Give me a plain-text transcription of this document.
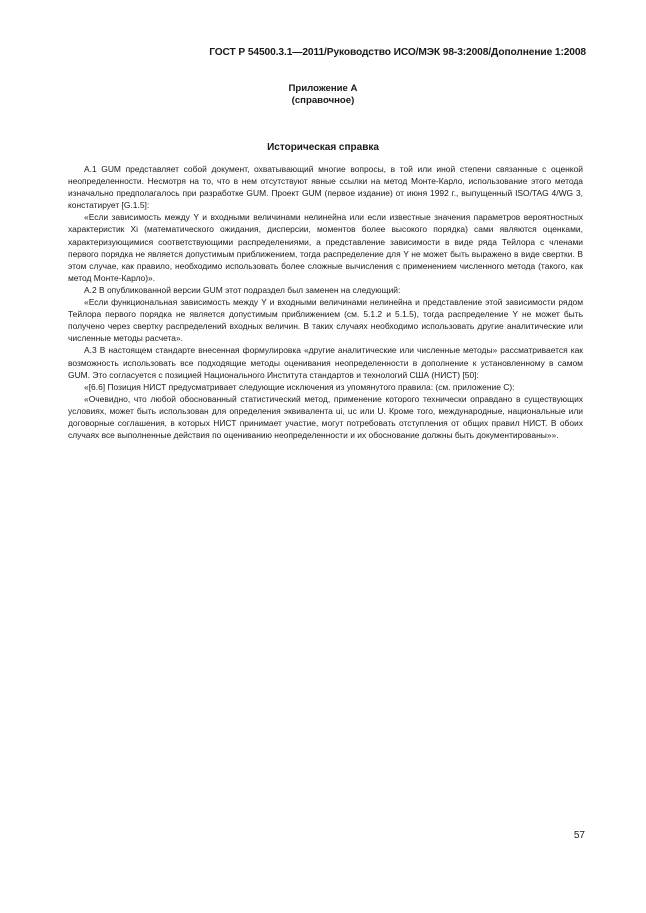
ГОСТ Р 54500.3.1—2011/Руководство ИСО/МЭК 98-3:2008/Дополнение 1:2008
Приложение А
(справочное)
Историческая справка

А.1 GUM представляет собой документ, охватывающий многие вопросы, в той или иной степени связанные с оценкой неопределенности. Несмотря на то, что в нем отсутствуют явные ссылки на метод Монте-Карло, использование этого метода изначально предполагалось при разработке GUM. Проект GUM (первое издание) от июня 1992 г., выпущенный ISO/TAG 4/WG 3, констатирует [G.1.5]:

«Если зависимость между Y и входными величинами нелинейна или если известные значения параметров вероятностных характеристик Xi (математического ожидания, дисперсии, моментов более высокого порядка) сами являются оценками, характеризующимися соответствующими распределениями, а представление зависимости в виде ряда Тейлора с членами первого порядка не является допустимым приближением, тогда распределение для Y не может быть выражено в виде свертки. В этом случае, как правило, необходимо использовать более сложные вычисления с применением численного метода (такого, как метод Монте-Карло)».

А.2 В опубликованной версии GUM этот подраздел был заменен на следующий:

«Если функциональная зависимость между Y и входными величинами нелинейна и представление этой зависимости рядом Тейлора первого порядка не является допустимым приближением (см. 5.1.2 и 5.1.5), тогда распределение Y не может быть получено через свертку распределений входных величин. В таких случаях необходимо использовать другие аналитические или численные методы расчета».

А.3 В настоящем стандарте внесенная формулировка «другие аналитические или численные методы» рассматривается как возможность использовать все подходящие методы оценивания неопределенности в дополнение к установленному в самом GUM. Это согласуется с позицией Национального Института стандартов и технологий США (НИСТ) [50]:

«[6.6] Позиция НИСТ предусматривает следующие исключения из упомянутого правила: (см. приложение С):

«Очевидно, что любой обоснованный статистический метод, применение которого технически оправдано в существующих условиях, может быть использован для определения эквивалента ui, uc или U. Кроме того, международные, национальные или договорные соглашения, в которых НИСТ принимает участие, могут потребовать отступления от общих правил НИСТ. В обоих случаях все выполненные действия по оцениванию неопределенности и их обоснование должны быть документированы»».

57
